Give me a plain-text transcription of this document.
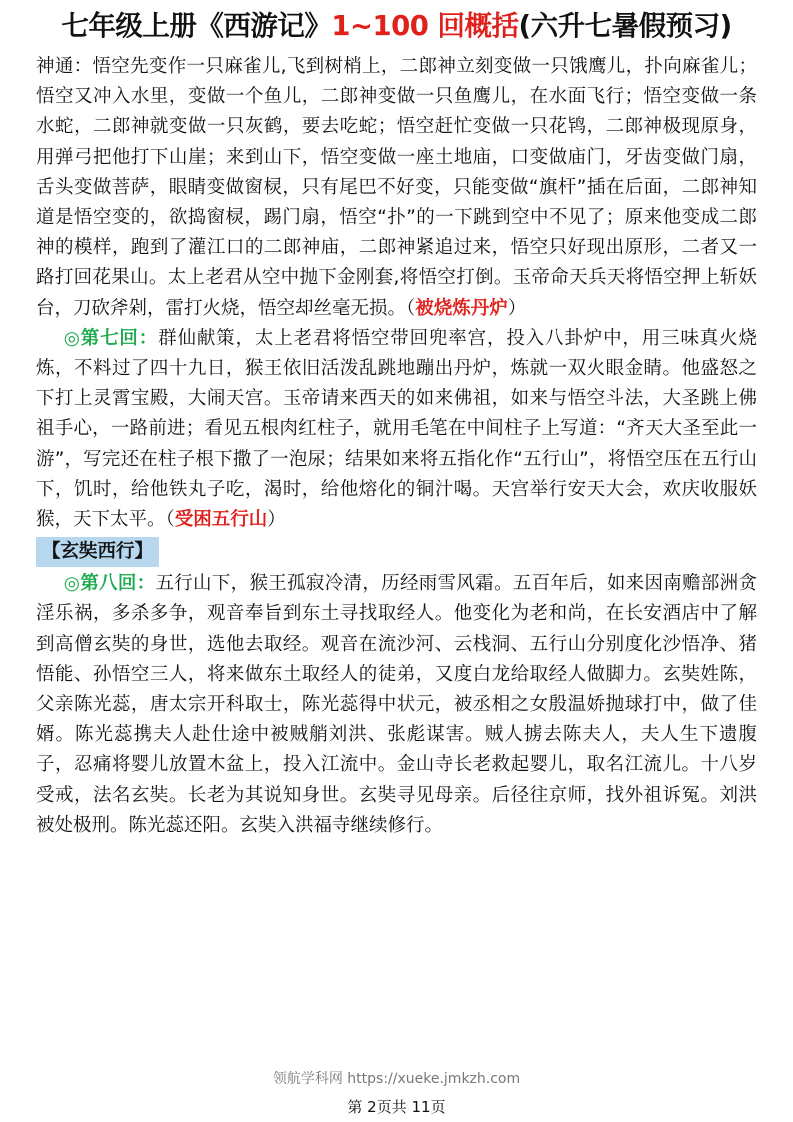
七年级上册《西游记》1~100 回概括(六升七暑假预习)

神通：悟空先变作一只麻雀儿,飞到树梢上，二郎神立刻变做一只饿鹰儿，扑向麻雀儿；悟空又冲入水里，变做一个鱼儿，二郎神变做一只鱼鹰儿，在水面飞行；悟空变做一条水蛇，二郎神就变做一只灰鹤，要去吃蛇；悟空赶忙变做一只花鸨，二郎神极现原身，用弹弓把他打下山崖；来到山下，悟空变做一座土地庙，口变做庙门，牙齿变做门扇，舌头变做菩萨，眼睛变做窗棂，只有尾巴不好变，只能变做“旗杆”插在后面，二郎神知道是悟空变的，欲捣窗棂，踢门扇，悟空“扑”的一下跳到空中不见了；原来他变成二郎神的模样，跑到了灌江口的二郎神庙，二郎神紧追过来，悟空只好现出原形，二者又一路打回花果山。太上老君从空中抛下金刚套,将悟空打倒。玉帝命天兵天将悟空押上斩妖台，刀砍斧剁，雷打火烧，悟空却丝毫无损。（被烧炼丹炉）

◎第七回：群仙献策，太上老君将悟空带回兜率宫，投入八卦炉中，用三味真火烧炼，不料过了四十九日，猴王依旧活泼乱跳地蹦出丹炉，炼就一双火眼金睛。他盛怒之下打上灵霄宝殿，大闹天宫。玉帝请来西天的如来佛祖，如来与悟空斗法，大圣跳上佛祖手心，一路前进；看见五根肉红柱子，就用毛笔在中间柱子上写道：“齐天大圣至此一游”，写完还在柱子根下撒了一泡尿；结果如来将五指化作“五行山”，将悟空压在五行山下，饥时，给他铁丸子吃，渴时，给他熔化的铜汁喝。天宫举行安天大会，欢庆收服妖猴，天下太平。（受困五行山）

【玄奘西行】

◎第八回：五行山下，猴王孤寂冷清，历经雨雪风霜。五百年后，如来因南赡部洲贪淫乐祸，多杀多争，观音奉旨到东土寻找取经人。他变化为老和尚，在长安酒店中了解到高僧玄奘的身世，选他去取经。观音在流沙河、云栈洞、五行山分别度化沙悟净、猪悟能、孙悟空三人，将来做东土取经人的徒弟，又度白龙给取经人做脚力。玄奘姓陈，父亲陈光蕊，唐太宗开科取士，陈光蕊得中状元，被丞相之女殷温娇抛球打中，做了佳婿。陈光蕊携夫人赴仕途中被贼艄刘洪、张彪谋害。贼人掳去陈夫人，夫人生下遗腹子，忍痛将婴儿放置木盆上，投入江流中。金山寺长老救起婴儿，取名江流儿。十八岁受戒，法名玄奘。长老为其说知身世。玄奘寻见母亲。后径往京师，找外祖诉冤。刘洪被处极刑。陈光蕊还阳。玄奘入洪福寺继续修行。

领航学科网 https://xueke.jmkzh.com
第 2页共 11页
